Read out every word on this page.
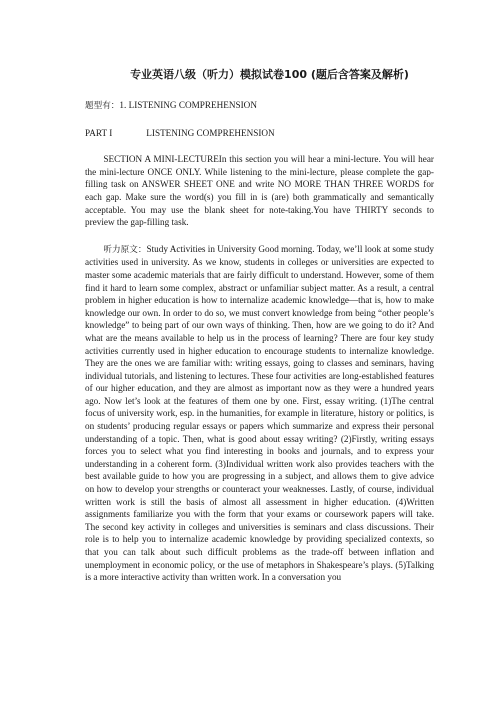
专业英语八级（听力）模拟试卷100 (题后含答案及解析)

题型有：1. LISTENING COMPREHENSION

PART I	LISTENING COMPREHENSION

SECTION A MINI-LECTUREIn this section you will hear a mini-lecture. You will hear the mini-lecture ONCE ONLY. While listening to the mini-lecture, please complete the gap-filling task on ANSWER SHEET ONE and write NO MORE THAN THREE WORDS for each gap. Make sure the word(s) you fill in is (are) both grammatically and semantically acceptable. You may use the blank sheet for note-taking.You have THIRTY seconds to preview the gap-filling task.

听力原文：Study Activities in University Good morning. Today, we’ll look at some study activities used in university. As we know, students in colleges or universities are expected to master some academic materials that are fairly difficult to understand. However, some of them find it hard to learn some complex, abstract or unfamiliar subject matter. As a result, a central problem in higher education is how to internalize academic knowledge—that is, how to make knowledge our own. In order to do so, we must convert knowledge from being “other people’s knowledge” to being part of our own ways of thinking. Then, how are we going to do it? And what are the means available to help us in the process of learning? There are four key study activities currently used in higher education to encourage students to internalize knowledge. They are the ones we are familiar with: writing essays, going to classes and seminars, having individual tutorials, and listening to lectures. These four activities are long-established features of our higher education, and they are almost as important now as they were a hundred years ago. Now let’s look at the features of them one by one. First, essay writing. (1)The central focus of university work, esp. in the humanities, for example in literature, history or politics, is on students’ producing regular essays or papers which summarize and express their personal understanding of a topic. Then, what is good about essay writing? (2)Firstly, writing essays forces you to select what you find interesting in books and journals, and to express your understanding in a coherent form. (3)Individual written work also provides teachers with the best available guide to how you are progressing in a subject, and allows them to give advice on how to develop your strengths or counteract your weaknesses. Lastly, of course, individual written work is still the basis of almost all assessment in higher education. (4)Written assignments familiarize you with the form that your exams or coursework papers will take. The second key activity in colleges and universities is seminars and class discussions. Their role is to help you to internalize academic knowledge by providing specialized contexts, so that you can talk about such difficult problems as the trade-off between inflation and unemployment in economic policy, or the use of metaphors in Shakespeare’s plays. (5)Talking is a more interactive activity than written work. In a conversation you
